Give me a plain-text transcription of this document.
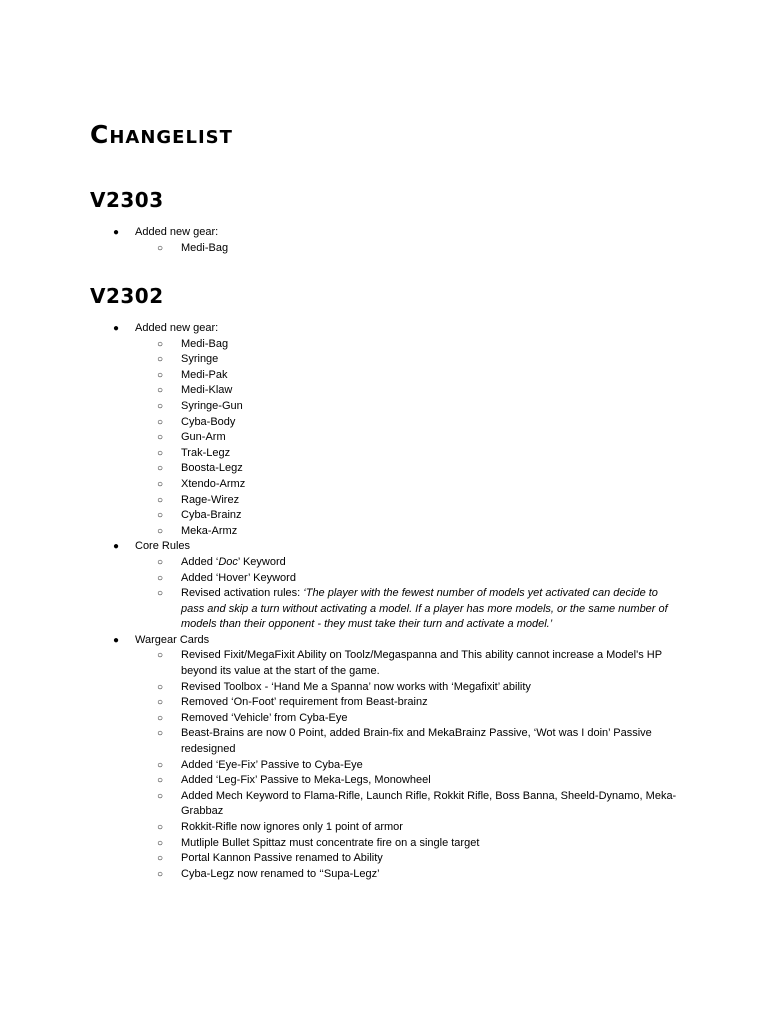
Changelist
V2303
●	Added new gear:
○	Medi-Bag
V2302
●	Added new gear:
○	Medi-Bag
○	Syringe
○	Medi-Pak
○	Medi-Klaw
○	Syringe-Gun
○	Cyba-Body
○	Gun-Arm
○	Trak-Legz
○	Boosta-Legz
○	Xtendo-Armz
○	Rage-Wirez
○	Cyba-Brainz
○	Meka-Armz
●	Core Rules
○	Added ‘Doc’ Keyword
○	Added ‘Hover’ Keyword
○	Revised activation rules: ‘The player with the fewest number of models yet activated can decide to pass and skip a turn without activating a model. If a player has more models, or the same number of models than their opponent - they must take their turn and activate a model.’
●	Wargear Cards
○	Revised Fixit/MegaFixit Ability on Toolz/Megaspanna and This ability cannot increase a Model's HP beyond its value at the start of the game.
○	Revised Toolbox - ‘Hand Me a Spanna’ now works with ‘Megafixit’ ability
○	Removed ‘On-Foot’ requirement from Beast-brainz
○	Removed ‘Vehicle’ from Cyba-Eye
○	Beast-Brains are now 0 Point, added Brain-fix and MekaBrainz Passive, ‘Wot was I doin’ Passive redesigned
○	Added ‘Eye-Fix’ Passive to Cyba-Eye
○	Added ‘Leg-Fix’ Passive to Meka-Legs, Monowheel
○	Added Mech Keyword to Flama-Rifle, Launch Rifle, Rokkit Rifle, Boss Banna, Sheeld-Dynamo, Meka-Grabbaz
○	Rokkit-Rifle now ignores only 1 point of armor
○	Mutliple Bullet Spittaz must concentrate fire on a single target
○	Portal Kannon Passive renamed to Ability
○	Cyba-Legz now renamed to ‘‘Supa-Legz’
